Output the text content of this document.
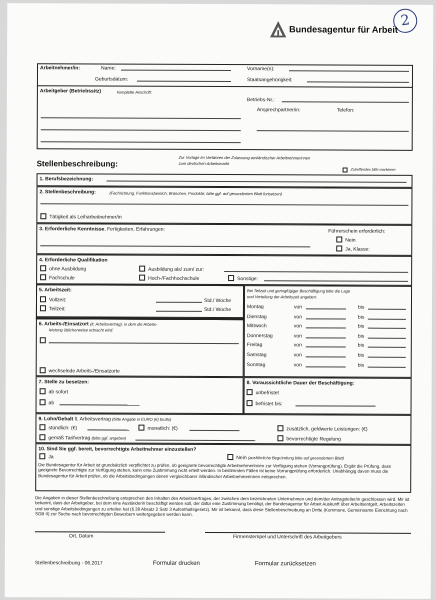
2
Bundesagentur für Arbeit
Arbeitnehmer/in:	Name:	Vorname(n):
Geburtsdatum:	Staatsangehörigkeit:
Arbeitgeber (Betriebssitz)	komplette Anschrift:
Betriebs-Nr.:
Ansprechpartner/in:	Telefon:
Stellenbeschreibung:
Zur Vorlage im Verfahren der Zulassung ausländischer Arbeitnehmerinnen
zum deutschen Arbeitsmarkt
Zutreffendes bitte markieren
1. Berufsbezeichnung:
2. Stellenbeschreibung:	(Fachrichtung, Funktionsbereich, Branchen, Produkte; bitte ggf. auf gesondertem Blatt fortsetzen)
Tätigkeit als Leiharbeitnehmer/in
3. Erforderliche Kenntnisse, Fertigkeiten, Erfahrungen:	Führerschein erforderlich:
Nein
Ja, Klasse:
4. Erforderliche Qualifikation
ohne Ausbildung	Ausbildung als/ zum/ zur:
Fachschule	Hoch-/Fachhochschule	Sonstige:
5. Arbeitszeit:
Vollzeit:	Std./ Woche
Teilzeit:	Std./ Woche
Bei Teilzeit und geringfügiger Beschäftigung bitte die Lage
und Verteilung der Arbeitszeit angeben:
6. Arbeits-/Einsatzort (lt. Arbeitsvertrag), in dem die Arbeits-
leistung üblicherweise erbracht wird:
wechselnde Arbeits-/Einsatzorte
7. Stelle zu besetzen:
ab sofort
ab
8. Voraussichtliche Dauer der Beschäftigung:
unbefristet
befristet bis:
9. Lohn/Gehalt lt. Arbeitsvertrag (bitte Angabe in EURO (€) brutto)
stündlich: (€)	monatlich: (€)	zusätzlich, geldwerte Leistungen: (€)
gemäß Tarifvertrag (bitte ggf. angeben)	bevorrechtigte Regelung
10. Sind Sie ggf. bereit, bevorrechtigte Arbeitnehmer einzustellen?
Ja	Nein (ausführliche Begründung bitte auf gesondertem Blatt)
Die Bundesagentur für Arbeit ist grundsätzlich verpflichtet zu prüfen, ob geeignete bevorrechtigte Arbeitnehmerinnen zur Verfügung stehen (Vorrangprüfung). Ergibt die Prüfung, dass geeignete Bevorrechtigte zur Verfügung stehen, kann eine Zustimmung nicht erteilt werden. In bestimmten Fällen ist keine Vorrangprüfung erforderlich. Unabhängig davon muss die Bundesagentur für Arbeit prüfen, ob die Arbeitsbedingungen denen vergleichbarer inländischer Arbeitnehmerinnen entsprechen.
Die Angaben in dieser Stellenbeschreibung entsprechen den Inhalten des Arbeitsvertrages, der zwischen dem bezeichneten Unternehmen und dem/der Antragsteller/in geschlossen wird. Mir ist bekannt, dass der Arbeitgeber, bei dem eine Ausländerin beschäftigt werden soll, der dafür eine Zustimmung benötigt, der Bundesagentur für Arbeit Auskunft über Arbeitsentgelt, Arbeitszeiten und sonstige Arbeitsbedingungen zu erteilen hat (§ 39 Absatz 2 Satz 3 Aufenthaltsgesetz). Mir ist bekannt, dass diese Stellenbeschreibung an Dritte (Kommune, Gemeinsame Einrichtung nach SGB II) zur Suche nach bevorrechtigten Bewerbern weitergegeben werden kann.
Ort, Datum	Firmenstempel und Unterschrift des Arbeitgebers
Stellenbeschreibung - 06.2017	Formular drucken	Formular zurücksetzen
Montag	von	bis
Dienstag	von	bis
Mittwoch	von	bis
Donnerstag	von	bis
Freitag	von	bis
Samstag	von	bis
Sonntag	von	bis
